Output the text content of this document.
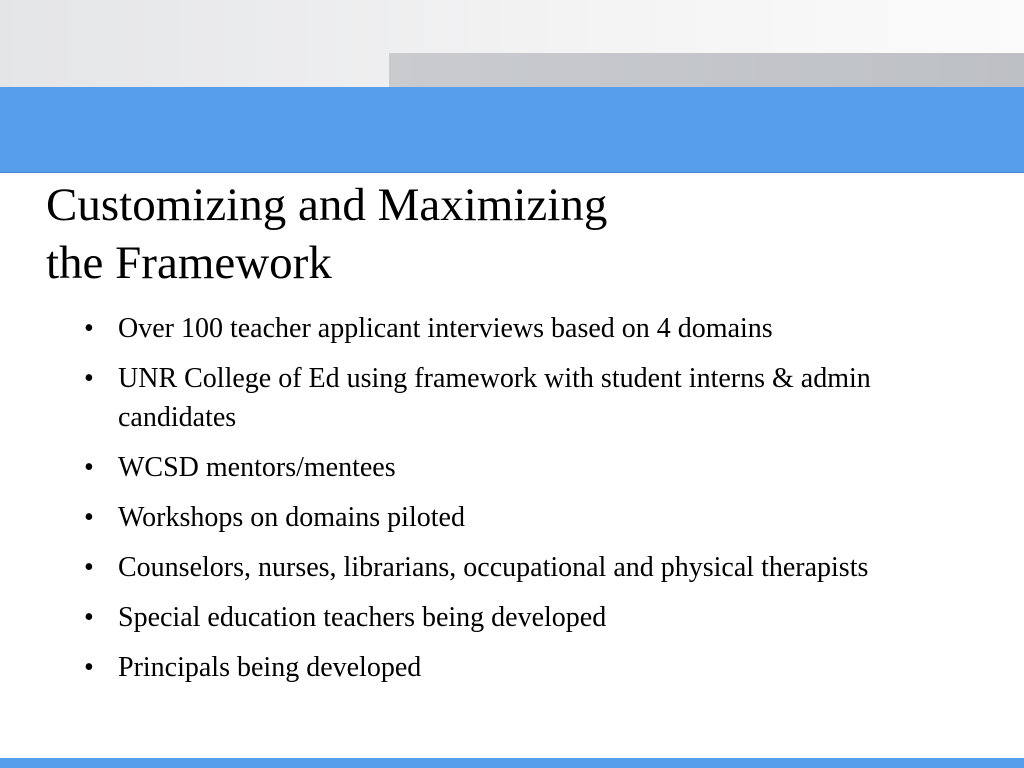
Customizing and Maximizing
the Framework
• Over 100 teacher applicant interviews based on 4 domains
• UNR College of Ed using framework with student interns & admin candidates
• WCSD mentors/mentees
• Workshops on domains piloted
• Counselors, nurses, librarians, occupational and physical therapists
• Special education teachers being developed
• Principals being developed
